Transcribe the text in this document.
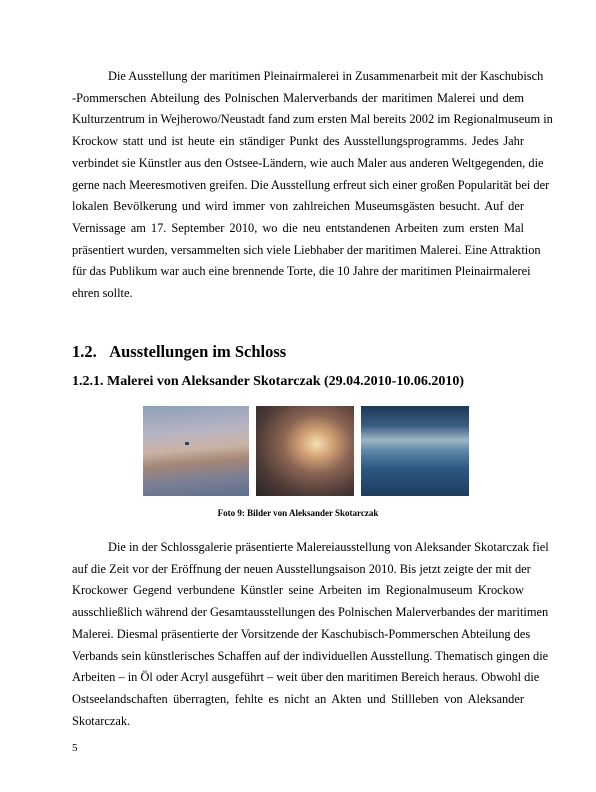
Die Ausstellung der maritimen Pleinairmalerei in Zusammenarbeit mit der Kaschubisch
-Pommerschen Abteilung des Polnischen Malerverbands der maritimen Malerei und dem
Kulturzentrum in Wejherowo/Neustadt fand zum ersten Mal bereits 2002 im Regionalmuseum in
Krockow statt und ist heute ein ständiger Punkt des Ausstellungsprogramms. Jedes Jahr
verbindet sie Künstler aus den Ostsee-Ländern, wie auch Maler aus anderen Weltgegenden, die
gerne nach Meeresmotiven greifen. Die Ausstellung erfreut sich einer großen Popularität bei der
lokalen Bevölkerung und wird immer von zahlreichen Museumsgästen besucht. Auf der
Vernissage am 17. September 2010, wo die neu entstandenen Arbeiten zum ersten Mal
präsentiert wurden, versammelten sich viele Liebhaber der maritimen Malerei. Eine Attraktion
für das Publikum war auch eine brennende Torte, die 10 Jahre der maritimen Pleinairmalerei
ehren sollte.
1.2. Ausstellungen im Schloss
1.2.1. Malerei von Aleksander Skotarczak (29.04.2010-10.06.2010)
Foto 9: Bilder von Aleksander Skotarczak
Die in der Schlossgalerie präsentierte Malereiausstellung von Aleksander Skotarczak fiel
auf die Zeit vor der Eröffnung der neuen Ausstellungsaison 2010. Bis jetzt zeigte der mit der
Krockower Gegend verbundene Künstler seine Arbeiten im Regionalmuseum Krockow
ausschließlich während der Gesamtausstellungen des Polnischen Malerverbandes der maritimen
Malerei. Diesmal präsentierte der Vorsitzende der Kaschubisch-Pommerschen Abteilung des
Verbands sein künstlerisches Schaffen auf der individuellen Ausstellung. Thematisch gingen die
Arbeiten – in Öl oder Acryl ausgeführt – weit über den maritimen Bereich heraus. Obwohl die
Ostseelandschaften überragten, fehlte es nicht an Akten und Stillleben von Aleksander
Skotarczak.
5
